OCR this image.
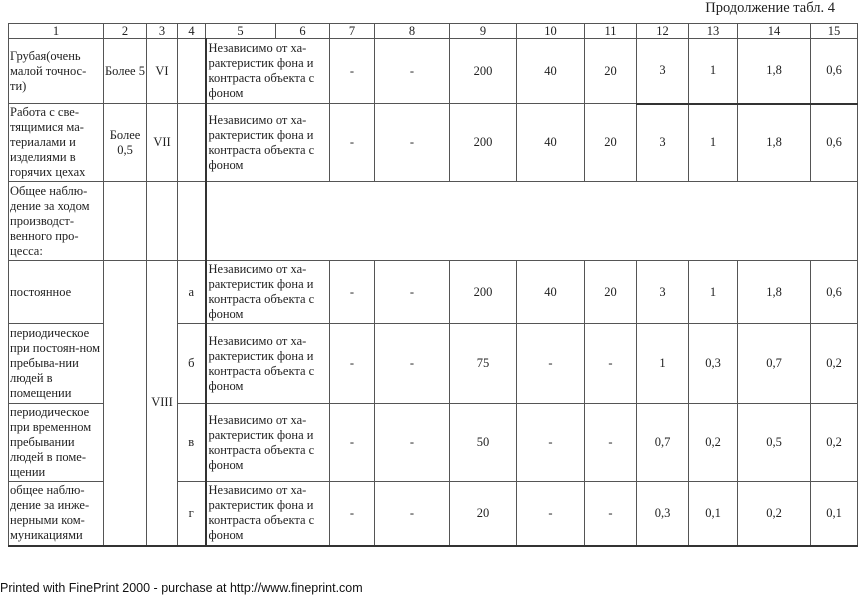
Продолжение табл. 4
1	2	3	4	5	6	7	8	9	10	11	12	13	14	15
Грубая(очень малой точнос-ти)	Более 5	VI		Независимо от ха-рактеристик фона и контраста объекта с фоном		-	-	200	40	20	3	1	1,8	0,6
Работа с све-тящимися ма-териалами и изделиями в горячих цехах	Более 0,5	VII		Независимо от ха-рактеристик фона и контраста объекта с фоном		-	-	200	40	20	3	1	1,8	0,6
Общее наблю-дение за ходом производст-венного про-цесса:														
постоянное		VIII	а	Независимо от ха-рактеристик фона и контраста объекта с фоном		-	-	200	40	20	3	1	1,8	0,6
периодическое при постоян-ном пребыва-нии людей в помещении			б	Независимо от ха-рактеристик фона и контраста объекта с фоном		-	-	75	-	-	1	0,3	0,7	0,2
периодическое при временном пребывании людей в поме-щении			в	Независимо от ха-рактеристик фона и контраста объекта с фоном		-	-	50	-	-	0,7	0,2	0,5	0,2
общее наблю-дение за инже-нерными ком-муникациями			г	Независимо от ха-рактеристик фона и контраста объекта с фоном		-	-	20	-	-	0,3	0,1	0,2	0,1
Printed with FinePrint 2000 - purchase at http://www.fineprint.com
